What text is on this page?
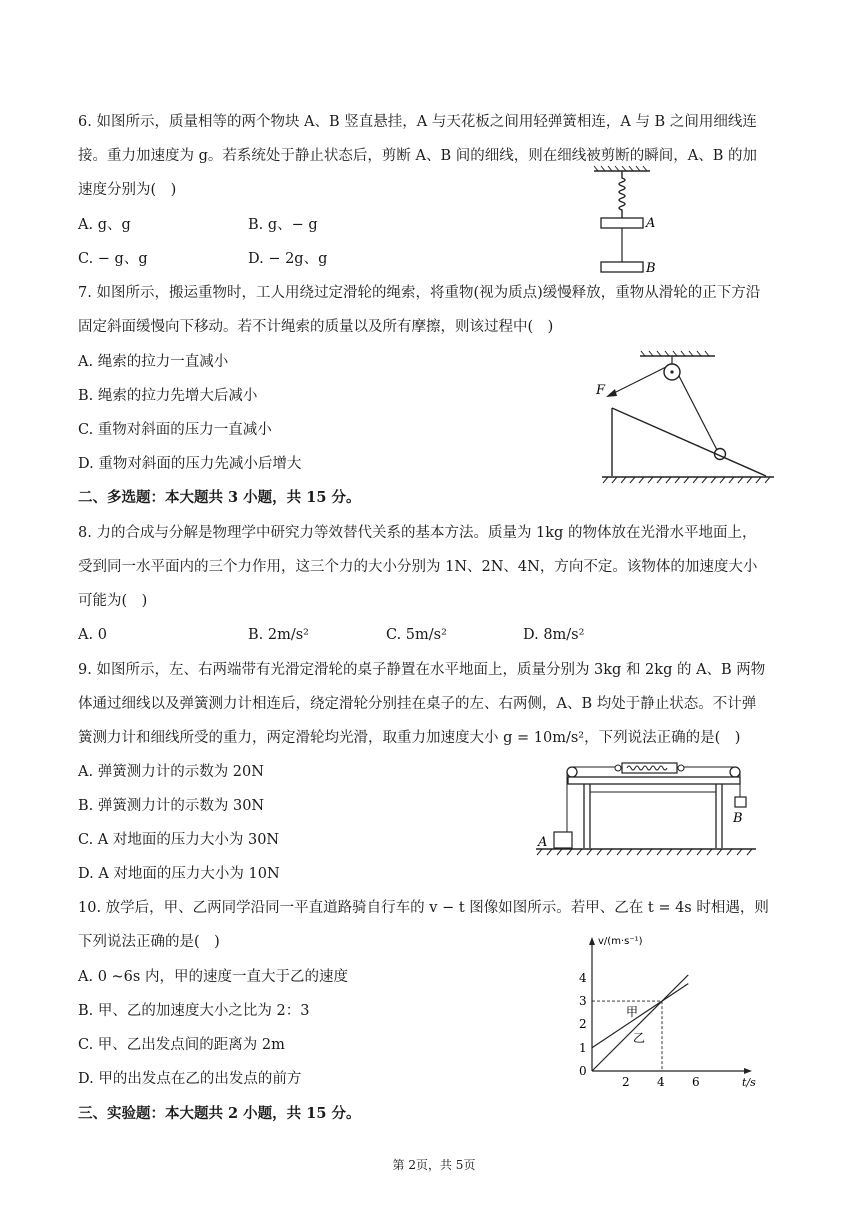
6. 如图所示，质量相等的两个物块 A、B 竖直悬挂，A 与天花板之间用轻弹簧相连，A 与 B 之间用细线连
接。重力加速度为 g。若系统处于静止状态后，剪断 A、B 间的细线，则在细线被剪断的瞬间，A、B 的加
速度分别为(　)
A. g、g	B. g、− g
C. − g、g	D. − 2g、g
A
B
7. 如图所示，搬运重物时，工人用绕过定滑轮的绳索，将重物(视为质点)缓慢释放，重物从滑轮的正下方沿
固定斜面缓慢向下移动。若不计绳索的质量以及所有摩擦，则该过程中(　)
A. 绳索的拉力一直减小
B. 绳索的拉力先增大后减小
C. 重物对斜面的压力一直减小
D. 重物对斜面的压力先减小后增大
F
二、多选题：本大题共 3 小题，共 15 分。
8. 力的合成与分解是物理学中研究力等效替代关系的基本方法。质量为 1kg 的物体放在光滑水平地面上，
受到同一水平面内的三个力作用，这三个力的大小分别为 1N、2N、4N，方向不定。该物体的加速度大小
可能为(　)
A. 0	B. 2m/s²	C. 5m/s²	D. 8m/s²
9. 如图所示，左、右两端带有光滑定滑轮的桌子静置在水平地面上，质量分别为 3kg 和 2kg 的 A、B 两物
体通过细线以及弹簧测力计相连后，绕定滑轮分别挂在桌子的左、右两侧，A、B 均处于静止状态。不计弹
簧测力计和细线所受的重力，两定滑轮均光滑，取重力加速度大小 g = 10m/s²，下列说法正确的是(　)
A. 弹簧测力计的示数为 20N
B. 弹簧测力计的示数为 30N
C. A 对地面的压力大小为 30N
D. A 对地面的压力大小为 10N
A
B
10. 放学后，甲、乙两同学沿同一平直道路骑自行车的 v − t 图像如图所示。若甲、乙在 t = 4s 时相遇，则
下列说法正确的是(　)
A. 0 ~6s 内，甲的速度一直大于乙的速度
B. 甲、乙的加速度大小之比为 2：3
C. 甲、乙出发点间的距离为 2m
D. 甲的出发点在乙的出发点的前方
v/(m·s⁻¹)
t/s
0
1
2
3
4
2 4 6
甲
乙
三、实验题：本大题共 2 小题，共 15 分。
第 2页，共 5页
